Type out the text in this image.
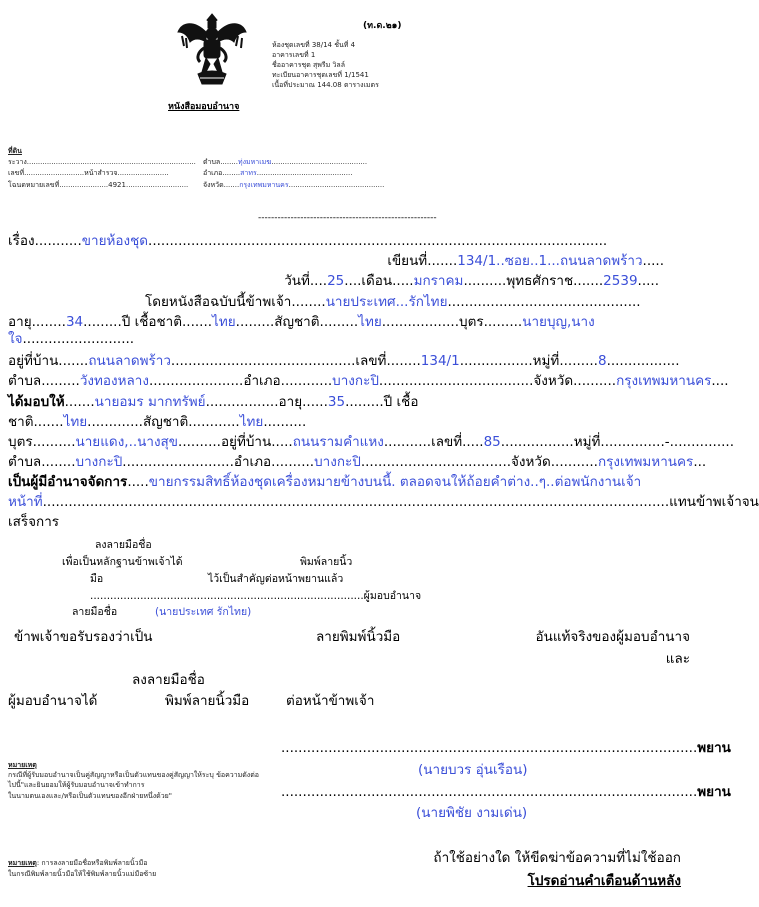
(ท.ด.๒๑)
ห้องชุดเลขที่ 38/14 ชั้นที่ 4
อาคารเลขที่ 1
ชื่ออาคารชุด สุพรีม วิลล์
ทะเบียนอาคารชุดเลขที่ 1/1541
เนื้อที่ประมาณ 144.08 ตารางเมตร
หนังสือมอบอำนาจ
ที่ดิน
ระวาง............................................................................
เลขที่...........................หน้าสำรวจ.......................
โฉนดหมายเลขที่......................4921............................
ตำบล........ทุ่งมหาเมฆ...........................................
อำเภอ........สาทร...........................................
จังหวัด.......กรุงเทพมหานคร...........................................
-------------------------------------------------------
เรื่อง...........ขายห้องชุด...........................................................................................................
เขียนที่.......134/1..ซอย..1...ถนนลาดพร้าว.....
วันที่....25....เดือน.....มกราคม..........พุทธศักราช.......2539.....
โดยหนังสือฉบับนี้ข้าพเจ้า........นายประเทศ...รักไทย.............................................
อายุ........34.........ปี เชื้อชาติ.......ไทย.........สัญชาติ.........ไทย..................บุตร.........นายบุญ,นาง
ใจ..........................
อยู่ที่บ้าน.......ถนนลาดพร้าว...........................................เลขที่........134/1.................หมู่ที่.........8.................
ตำบล.........วังทองหลาง......................อำเภอ............บางกะปิ....................................จังหวัด..........กรุงเทพมหานคร....
ได้มอบให้.......นายอมร มากทรัพย์.................อายุ......35.........ปี เชื้อ
ชาติ.......ไทย.............สัญชาติ............ไทย..........
บุตร..........นายแดง,..นางสุข..........อยู่ที่บ้าน.....ถนนรามคำแหง...........เลขที่.....85.................หมู่ที่...............-...............
ตำบล........บางกะปิ..........................อำเภอ..........บางกะปิ...................................จังหวัด...........กรุงเทพมหานคร...
เป็นผู้มีอำนาจจัดการ.....ขายกรรมสิทธิ์ห้องชุดเครื่องหมายข้างบนนี้. ตลอดจนให้ถ้อยคำต่าง..ๆ..ต่อพนักงานเจ้า
หน้าที่..................................................................................................................................................แทนข้าพเจ้าจน
เสร็จการ
ลงลายมือชื่อ
เพื่อเป็นหลักฐานข้าพเจ้าได้	พิมพ์ลายนิ้ว
มือ	ไว้เป็นสำคัญต่อหน้าพยานแล้ว
..................................................................................ผู้มอบอำนาจ
ลายมือชื่อ	(นายประเทศ รักไทย)
ข้าพเจ้าขอรับรองว่าเป็น	ลายพิมพ์นิ้วมือ	อันแท้จริงของผู้มอบอำนาจ
และ
ลงลายมือชื่อ
ผู้มอบอำนาจได้	พิมพ์ลายนิ้วมือ	ต่อหน้าข้าพเจ้า
.................................................................................................พยาน
(นายบวร อุ่นเรือน)
.................................................................................................พยาน
(นายพิชัย งามเด่น)
หมายเหตุ
กรณีที่ผู้รับมอบอำนาจเป็นคู่สัญญาหรือเป็นตัวแทนของคู่สัญญาให้ระบุ ข้อความดังต่อ
ไปนี้"และยินยอมให้ผู้รับมอบอำนาจเข้าทำการ
ในนามตนเองและ/หรือเป็นตัวแทนของอีกฝ่ายหนึ่งด้วย"
หมายเหตุ: การลงลายมือชื่อหรือพิมพ์ลายนิ้วมือ
ในกรณีพิมพ์ลายนิ้วมือให้ใช้พิมพ์ลายนิ้วแม่มือซ้าย
ถ้าใช้อย่างใด ให้ขีดฆ่าข้อความที่ไม่ใช้ออก
โปรดอ่านคำเตือนด้านหลัง
